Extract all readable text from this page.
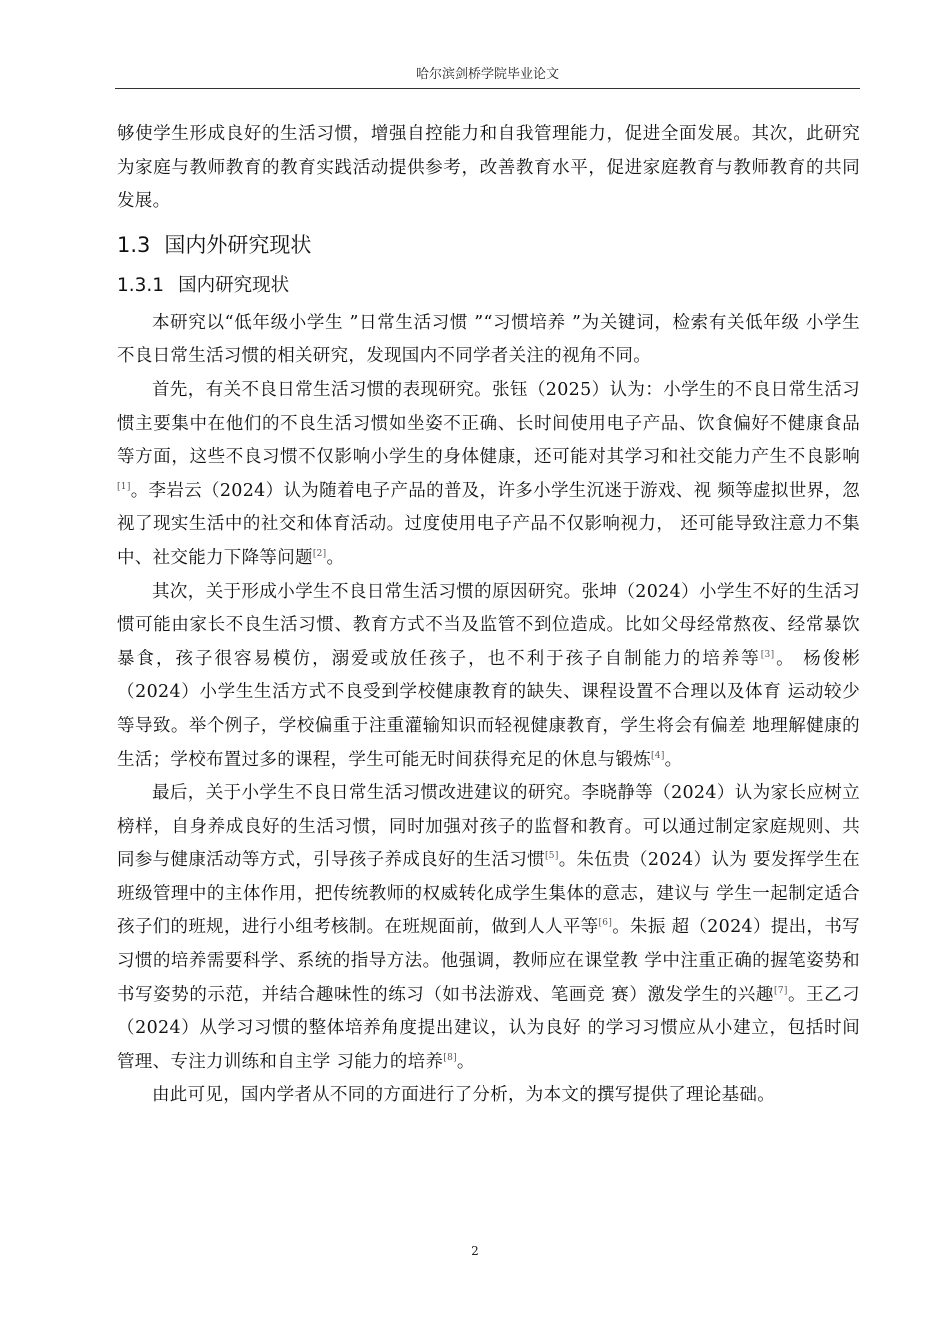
哈尔滨剑桥学院毕业论文

够使学生形成良好的生活习惯，增强自控能力和自我管理能力，促进全面发展。其次，此研究为家庭与教师教育的教育实践活动提供参考，改善教育水平，促进家庭教育与教师教育的共同发展。

1.3 国内外研究现状
1.3.1 国内研究现状

本研究以“低年级小学生 ”日常生活习惯 ”“习惯培养 ”为关键词，检索有关低年级 小学生不良日常生活习惯的相关研究，发现国内不同学者关注的视角不同。

首先，有关不良日常生活习惯的表现研究。张钰（2025）认为：小学生的不良日常生活习惯主要集中在他们的不良生活习惯如坐姿不正确、长时间使用电子产品、饮食偏好不健康食品等方面，这些不良习惯不仅影响小学生的身体健康，还可能对其学习和社交能力产生不良影响[1]。李岩云（2024）认为随着电子产品的普及，许多小学生沉迷于游戏、视 频等虚拟世界，忽视了现实生活中的社交和体育活动。过度使用电子产品不仅影响视力， 还可能导致注意力不集中、社交能力下降等问题[2]。

其次，关于形成小学生不良日常生活习惯的原因研究。张坤（2024）小学生不好的生活习惯可能由家长不良生活习惯、教育方式不当及监管不到位造成。比如父母经常熬夜、经常暴饮暴食，孩子很容易模仿，溺爱或放任孩子，也不利于孩子自制能力的培养等[3]。 杨俊彬（2024）小学生生活方式不良受到学校健康教育的缺失、课程设置不合理以及体育 运动较少等导致。举个例子，学校偏重于注重灌输知识而轻视健康教育，学生将会有偏差 地理解健康的生活；学校布置过多的课程，学生可能无时间获得充足的休息与锻炼[4]。

最后，关于小学生不良日常生活习惯改进建议的研究。李晓静等（2024）认为家长应树立榜样，自身养成良好的生活习惯，同时加强对孩子的监督和教育。可以通过制定家庭规则、共同参与健康活动等方式，引导孩子养成良好的生活习惯[5]。朱伍贵（2024）认为 要发挥学生在班级管理中的主体作用，把传统教师的权威转化成学生集体的意志，建议与 学生一起制定适合孩子们的班规，进行小组考核制。在班规面前，做到人人平等[6]。朱振 超（2024）提出，书写习惯的培养需要科学、系统的指导方法。他强调，教师应在课堂教 学中注重正确的握笔姿势和书写姿势的示范，并结合趣味性的练习（如书法游戏、笔画竞 赛）激发学生的兴趣[7]。王乙刁（2024）从学习习惯的整体培养角度提出建议，认为良好 的学习习惯应从小建立，包括时间管理、专注力训练和自主学 习能力的培养[8]。

由此可见，国内学者从不同的方面进行了分析，为本文的撰写提供了理论基础。

2
